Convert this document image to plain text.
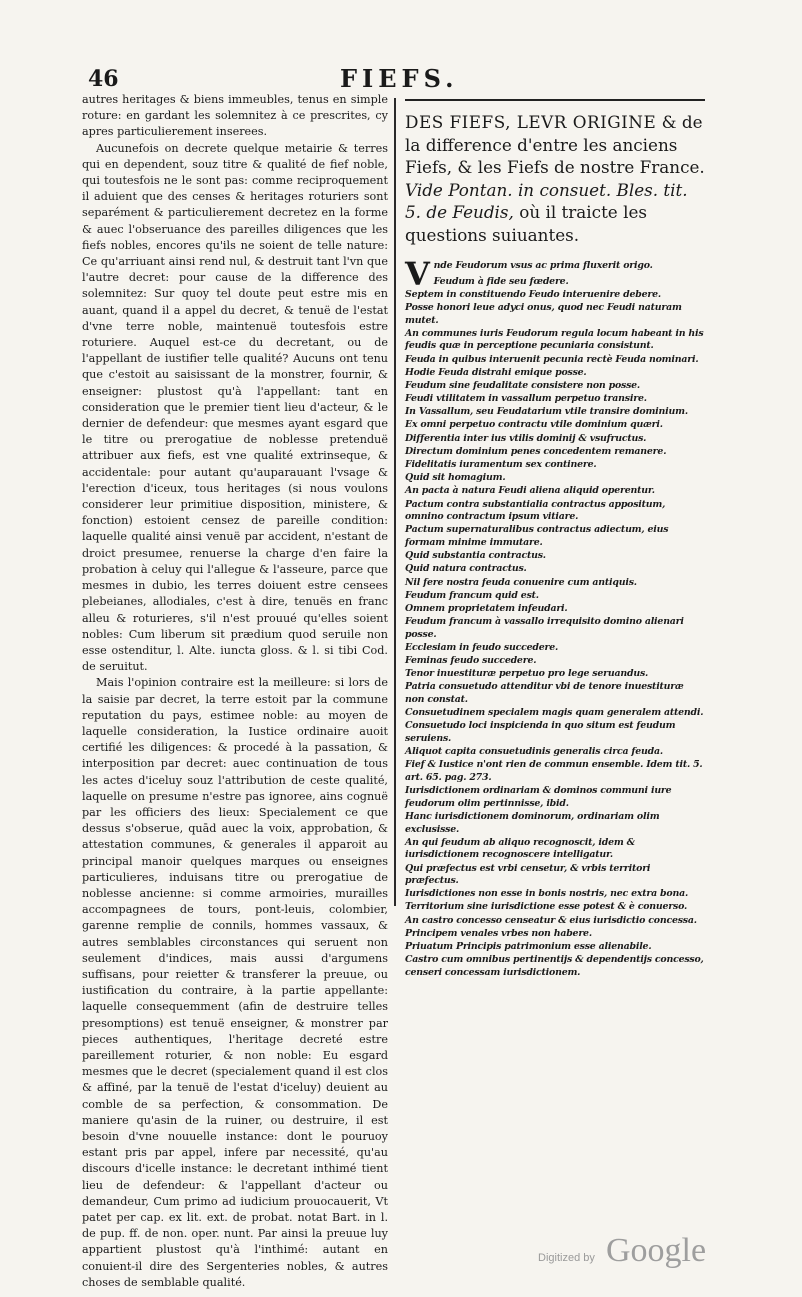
46	FIEFS.

autres heritages & biens immeubles, tenus en simple roture: en gardant les solemnitez à ce prescrites, cy apres particulierement inserees.

Aucunefois on decrete quelque metairie & terres qui en dependent, souz titre & qualité de fief noble, qui toutesfois ne le sont pas: comme reciproquement il aduient que des censes & heritages roturiers sont separément & particulierement decretez en la forme & auec l'obseruance des pareilles diligences que les fiefs nobles, encores qu'ils ne soient de telle nature: Ce qu'arriuant ainsi rend nul, & destruit tant l'vn que l'autre decret: pour cause de la difference des solemnitez: Sur quoy tel doute peut estre mis en auant, quand il a appel du decret, & tenuë de l'estat d'vne terre noble, maintenuë toutesfois estre roturiere. Auquel est-ce du decretant, ou de l'appellant de iustifier telle qualité? Aucuns ont tenu que c'estoit au saisissant de la monstrer, fournir, & enseigner: plustost qu'à l'appellant: tant en consideration que le premier tient lieu d'acteur, & le dernier de defendeur: que mesmes ayant esgard que le titre ou prerogatiue de noblesse pretenduë attribuer aux fiefs, est vne qualité extrinseque, & accidentale: pour autant qu'auparauant l'vsage & l'erection d'iceux, tous heritages (si nous voulons considerer leur primitiue disposition, ministere, & fonction) estoient censez de pareille condition: laquelle qualité ainsi venuë par accident, n'estant de droict presumee, renuerse la charge d'en faire la probation à celuy qui l'allegue & l'asseure, parce que mesmes in dubio, les terres doiuent estre censees plebeianes, allodiales, c'est à dire, tenuës en franc alleu & roturieres, s'il n'est prouué qu'elles soient nobles: Cum liberum sit prædium quod seruile non esse ostenditur, l. Alte. iuncta gloss. & l. si tibi Cod. de seruitut.

Mais l'opinion contraire est la meilleure: si lors de la saisie par decret, la terre estoit par la commune reputation du pays, estimee noble: au moyen de laquelle consideration, la Iustice ordinaire auoit certifié les diligences: & procedé à la passation, & interposition par decret: auec continuation de tous les actes d'iceluy souz l'attribution de ceste qualité, laquelle on presume n'estre pas ignoree, ains cognuë par les officiers des lieux: Specialement ce que dessus s'obserue, quād auec la voix, approbation, & attestation communes, & generales il apparoit au principal manoir quelques marques ou enseignes particulieres, induisans titre ou prerogatiue de noblesse ancienne: si comme armoiries, murailles accompagnees de tours, pont-leuis, colombier, garenne remplie de connils, hommes vassaux, & autres semblables circonstances qui seruent non seulement d'indices, mais aussi d'argumens suffisans, pour reietter & transferer la preuue, ou iustification du contraire, à la partie appellante: laquelle consequemment (afin de destruire telles presomptions) est tenuë enseigner, & monstrer par pieces authentiques, l'heritage decreté estre pareillement roturier, & non noble: Eu esgard mesmes que le decret (specialement quand il est clos & affiné, par la tenuë de l'estat d'iceluy) deuient au comble de sa perfection, & consommation. De maniere qu'asin de la ruiner, ou destruire, il est besoin d'vne nouuelle instance: dont le pouruoy estant pris par appel, infere par necessité, qu'au discours d'icelle instance: le decretant inthimé tient lieu de defendeur: & l'appellant d'acteur ou demandeur, Cum primo ad iudicium prouocauerit, Vt patet per cap. ex lit. ext. de probat. notat Bart. in l. de pup. ff. de non. oper. nunt. Par ainsi la preuue luy appartient plustost qu'à l'inthimé: autant en conuient-il dire des Sergenteries nobles, & autres choses de semblable qualité.

DES FIEFS, LEVR ORIGINE & de la difference d'entre les anciens Fiefs, & les Fiefs de nostre France. Vide Pontan. in consuet. Bles. tit. 5. de Feudis, où il traicte les questions suiuantes.

Vnde Feudorum vsus ac prima fluxerit origo.
Feudum à fide seu fœdere.
Septem in constituendo Feudo interuenire debere.
Posse honori leue adyci onus, quod nec Feudi naturam mutet.
An communes iuris Feudorum regula locum habeant in his feudis quæ in perceptione pecuniaria consistunt.
Feuda in quibus interuenit pecunia rectè Feuda nominari.
Hodie Feuda distrahi emique posse.
Feudum sine feudalitate consistere non posse.
Feudi vtilitatem in vassallum perpetuo transire.
In Vassallum, seu Feudatarium vtile transire dominium.
Ex omni perpetuo contractu vtile dominium quæri.
Differentia inter ius vtilis dominij & vsufructus.
Directum dominium penes concedentem remanere.
Fidelitatis iuramentum sex continere.
Quid sit homagium.
An pacta à natura Feudi aliena aliquid operentur.
Pactum contra substantialia contractus appositum, omnino contractum ipsum vitiare.
Pactum supernaturalibus contractus adiectum, eius formam minime immutare.
Quid substantia contractus.
Quid natura contractus.
Nil fere nostra feuda conuenire cum antiquis.
Feudum francum quid est.
Omnem proprietatem infeudari.
Feudum francum à vassallo irrequisito domino alienari posse.
Ecclesiam in feudo succedere.
Feminas feudo succedere.
Tenor inuestituræ perpetuo pro lege seruandus.
Patria consuetudo attenditur vbi de tenore inuestituræ non constat.
Consuetudinem specialem magis quam generalem attendi.
Consuetudo loci inspicienda in quo situm est feudum seruiens.
Aliquot capita consuetudinis generalis circa feuda.
Fief & Iustice n'ont rien de commun ensemble. Idem tit. 5. art. 65. pag. 273.
Iurisdictionem ordinariam & dominos communi iure feudorum olim pertinnisse, ibid.
Hanc iurisdictionem dominorum, ordinariam olim exclusisse.
An qui feudum ab aliquo recognoscit, idem & iurisdictionem recognoscere intelligatur.
Qui præfectus est vrbi censetur, & vrbis territori præfectus.
Iurisdictiones non esse in bonis nostris, nec extra bona.
Territorium sine iurisdictione esse potest & è conuerso.
An castro concesso censeatur & eius iurisdictio concessa.
Principem venales vrbes non habere.
Priuatum Principis patrimonium esse alienabile.
Castro cum omnibus pertinentijs & dependentijs concesso, censeri concessam iurisdictionem.
Digitized by Google
